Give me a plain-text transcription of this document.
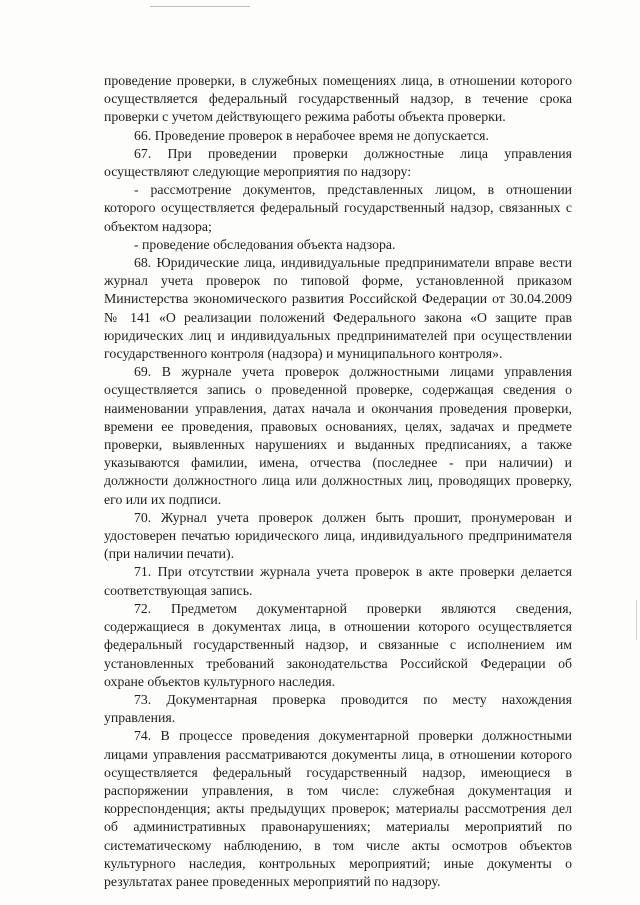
проведение проверки, в служебных помещениях лица, в отношении которого

осуществляется федеральный государственный надзор, в течение срока

проверки с учетом действующего режима работы объекта проверки.

66. Проведение проверок в нерабочее время не допускается.

67. При проведении проверки должностные лица управления

осуществляют следующие мероприятия по надзору:

- рассмотрение документов, представленных лицом, в отношении

которого осуществляется федеральный государственный надзор, связанных с

объектом надзора;

- проведение обследования объекта надзора.

68. Юридические лица, индивидуальные предприниматели вправе вести

журнал учета проверок по типовой форме, установленной приказом

Министерства экономического развития Российской Федерации от 30.04.2009

№ 141 «О реализации положений Федерального закона «О защите прав

юридических лиц и индивидуальных предпринимателей при осуществлении

государственного контроля (надзора) и муниципального контроля».

69. В журнале учета проверок должностными лицами управления

осуществляется запись о проведенной проверке, содержащая сведения о

наименовании управления, датах начала и окончания проведения проверки,

времени ее проведения, правовых основаниях, целях, задачах и предмете

проверки, выявленных нарушениях и выданных предписаниях, а также

указываются фамилии, имена, отчества (последнее - при наличии) и

должности должностного лица или должностных лиц, проводящих проверку,

его или их подписи.

70. Журнал учета проверок должен быть прошит, пронумерован и

удостоверен печатью юридического лица, индивидуального предпринимателя

(при наличии печати).

71. При отсутствии журнала учета проверок в акте проверки делается

соответствующая запись.

72. Предметом документарной проверки являются сведения,

содержащиеся в документах лица, в отношении которого осуществляется

федеральный государственный надзор, и связанные с исполнением им

установленных требований законодательства Российской Федерации об

охране объектов культурного наследия.

73. Документарная проверка проводится по месту нахождения

управления.

74. В процессе проведения документарной проверки должностными

лицами управления рассматриваются документы лица, в отношении которого

осуществляется федеральный государственный надзор, имеющиеся в

распоряжении управления, в том числе: служебная документация и

корреспонденция; акты предыдущих проверок; материалы рассмотрения дел

об административных правонарушениях; материалы мероприятий по

систематическому наблюдению, в том числе акты осмотров объектов

культурного наследия, контрольных мероприятий; иные документы о

результатах ранее проведенных мероприятий по надзору.
